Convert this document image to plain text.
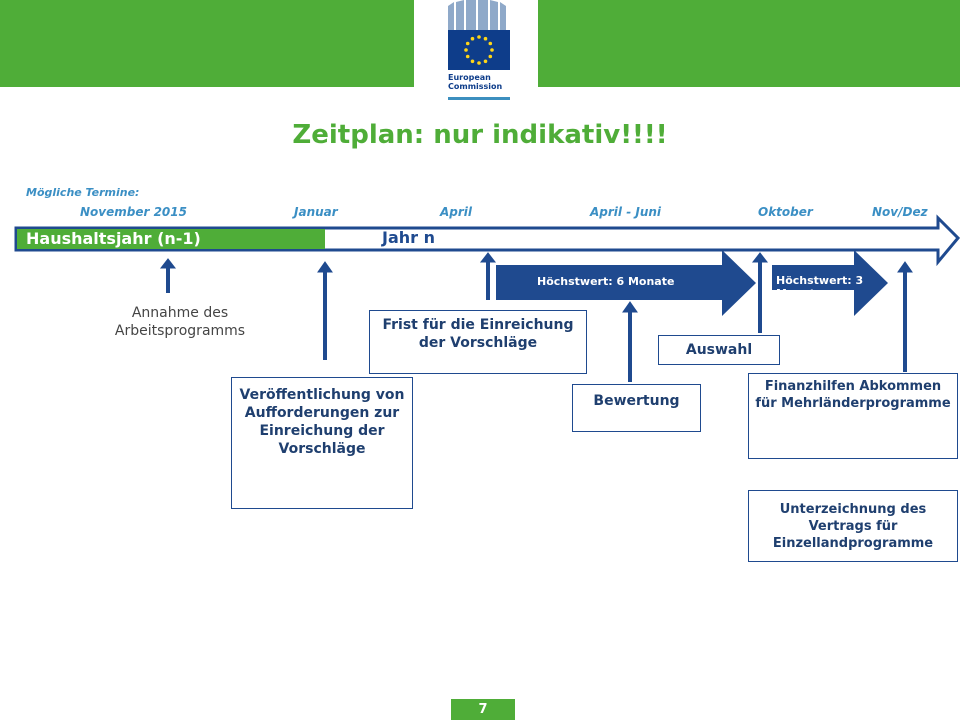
European
Commission
Zeitplan: nur indikativ!!!!
Mögliche Termine:
November 2015	Januar	April	April - Juni	Oktober	Nov/Dez
Haushaltsjahr (n-1)	Jahr n
Höchstwert: 6 Monate	Höchstwert: 3 Monate
Annahme des Arbeitsprogramms
Veröffentlichung von Aufforderungen zur Einreichung der Vorschläge
Frist für die Einreichung der Vorschläge
Bewertung
Auswahl
Finanzhilfen Abkommen für Mehrländerprogramme
Unterzeichnung des Vertrags für Einzellandprogramme
7
